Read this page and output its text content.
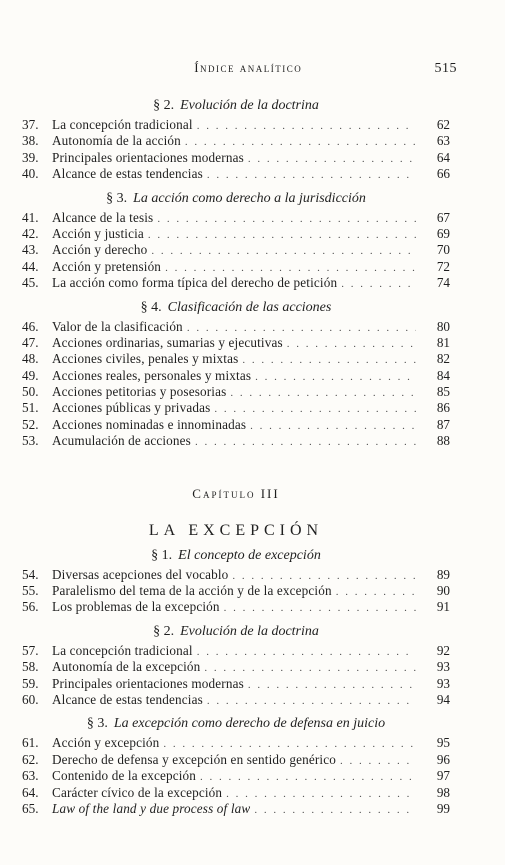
Índice analítico	515
§ 2. Evolución de la doctrina
37.	La concepción tradicional . . .	62
38.	Autonomía de la acción . . .	63
39.	Principales orientaciones modernas . . .	64
40.	Alcance de estas tendencias . . .	66
§ 3. La acción como derecho a la jurisdicción
41.	Alcance de la tesis . . .	67
42.	Acción y justicia . . .	69
43.	Acción y derecho . . .	70
44.	Acción y pretensión . . .	72
45.	La acción como forma típica del derecho de petición . . .	74
§ 4. Clasificación de las acciones
46.	Valor de la clasificación . . .	80
47.	Acciones ordinarias, sumarias y ejecutivas . . .	81
48.	Acciones civiles, penales y mixtas . . .	82
49.	Acciones reales, personales y mixtas . . .	84
50.	Acciones petitorias y posesorias . . .	85
51.	Acciones públicas y privadas . . .	86
52.	Acciones nominadas e innominadas . . .	87
53.	Acumulación de acciones . . .	88
Capítulo III
LA EXCEPCIÓN
§ 1. El concepto de excepción
54.	Diversas acepciones del vocablo . . .	89
55.	Paralelismo del tema de la acción y de la excepción . . .	90
56.	Los problemas de la excepción . . .	91
§ 2. Evolución de la doctrina
57.	La concepción tradicional . . .	92
58.	Autonomía de la excepción . . .	93
59.	Principales orientaciones modernas . . .	93
60.	Alcance de estas tendencias . . .	94
§ 3. La excepción como derecho de defensa en juicio
61.	Acción y excepción . . .	95
62.	Derecho de defensa y excepción en sentido genérico . . .	96
63.	Contenido de la excepción . . .	97
64.	Carácter cívico de la excepción . . .	98
65.	Law of the land y due process of law . . .	99
